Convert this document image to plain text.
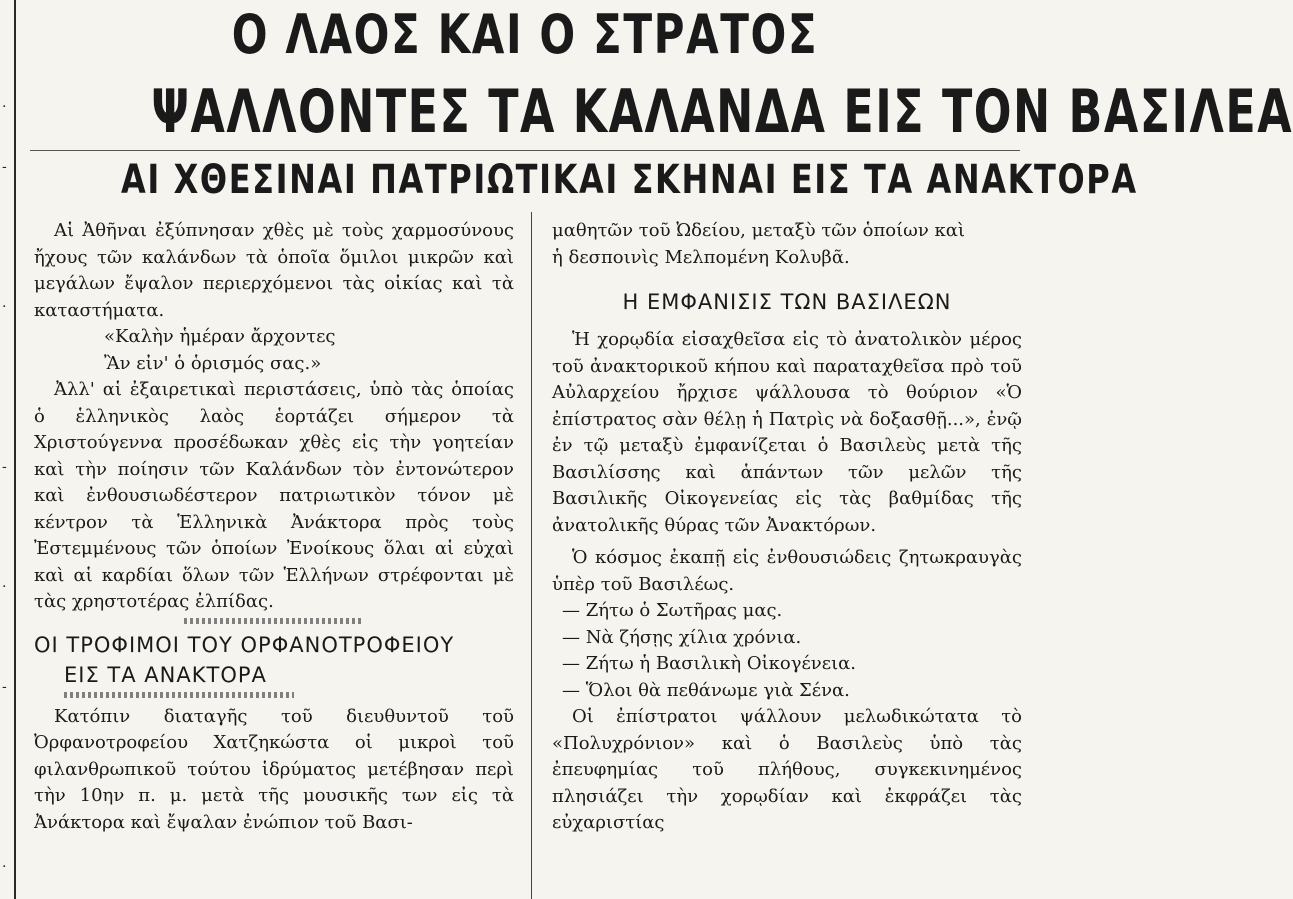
·
-
·
-
·
-
·
Ο ΛΑΟΣ ΚΑΙ Ο ΣΤΡΑΤΟΣ
ΨΑΛΛΟΝΤΕΣ ΤΑ ΚΑΛΑΝΔΑ ΕΙΣ ΤΟΝ ΒΑΣΙΛΕΑ
ΑΙ ΧΘΕΣΙΝΑΙ ΠΑΤΡΙΩΤΙΚΑΙ ΣΚΗΝΑΙ ΕΙΣ ΤΑ ΑΝΑΚΤΟΡΑ

Αἱ Ἀθῆναι ἐξύπνησαν χθὲς μὲ τοὺς χαρμοσύνους ἤχους τῶν καλάνδων τὰ ὁποῖα ὅμιλοι μικρῶν καὶ μεγάλων ἔψαλον περιερχόμενοι τὰς οἰκίας καὶ τὰ καταστήματα.

«Καλὴν ἡμέραν ἄρχοντες

Ἂν εἰν' ὁ ὁρισμός σας.»

Ἀλλ' αἱ ἐξαιρετικαὶ περιστάσεις, ὑπὸ τὰς ὁποίας ὁ ἑλληνικὸς λαὸς ἑορτάζει σήμερον τὰ Χριστούγεννα προσέδωκαν χθὲς εἰς τὴν γοητείαν καὶ τὴν ποίησιν τῶν Καλάνδων τὸν ἐντονώτερον καὶ ἐνθουσιωδέστερον πατριωτικὸν τόνον μὲ κέντρον τὰ Ἑλληνικὰ Ἀνάκτορα πρὸς τοὺς Ἐστεμμένους τῶν ὁποίων Ἐνοίκους ὅλαι αἱ εὐχαὶ καὶ αἱ καρδίαι ὅλων τῶν Ἑλλήνων στρέφονται μὲ τὰς χρηστοτέρας ἐλπίδας.

ΟΙ ΤΡΟΦΙΜΟΙ ΤΟΥ ΟΡΦΑΝΟΤΡΟΦΕΙΟΥ

ΕΙΣ ΤΑ ΑΝΑΚΤΟΡΑ

Κατόπιν διαταγῆς τοῦ διευθυντοῦ τοῦ Ὀρφανοτροφείου Χατζηκώστα οἱ μικροὶ τοῦ φιλανθρωπικοῦ τούτου ἱδρύματος μετέβησαν περὶ τὴν 10ην π. μ. μετὰ τῆς μουσικῆς των εἰς τὰ Ἀνάκτορα καὶ ἔψαλαν ἐνώπιον τοῦ Βασι-

μαθητῶν τοῦ Ὠδείου, μεταξὺ τῶν ὁποίων καὶ

ἡ δεσποινὶς Μελπομένη Κολυβᾶ.

Η ΕΜΦΑΝΙΣΙΣ ΤΩΝ ΒΑΣΙΛΕΩΝ

Ἡ χορῳδία εἰσαχθεῖσα εἰς τὸ ἀνατολικὸν μέρος τοῦ ἀνακτορικοῦ κήπου καὶ παραταχθεῖσα πρὸ τοῦ Αὐλαρχείου ἤρχισε ψάλλουσα τὸ θούριον «Ὁ ἐπίστρατος σὰν θέλῃ ἡ Πατρὶς νὰ δοξασθῇ...», ἐνῷ ἐν τῷ μεταξὺ ἐμφανίζεται ὁ Βασιλεὺς μετὰ τῆς Βασιλίσσης καὶ ἁπάντων τῶν μελῶν τῆς Βασιλικῆς Οἰκογενείας εἰς τὰς βαθμίδας τῆς ἀνατολικῆς θύρας τῶν Ἀνακτόρων.

Ὁ κόσμος ἐκαπῇ εἰς ἐνθουσιώδεις ζητωκραυγὰς ὑπὲρ τοῦ Βασιλέως.

— Ζήτω ὁ Σωτῆρας μας.

— Νὰ ζήσῃς χίλια χρόνια.

— Ζήτω ἡ Βασιλικὴ Οἰκογένεια.

— Ὅλοι θὰ πεθάνωμε γιὰ Σένα.

Οἱ ἐπίστρατοι ψάλλουν μελωδικώτατα τὸ «Πολυχρόνιον» καὶ ὁ Βασιλεὺς ὑπὸ τὰς ἐπευφημίας τοῦ πλήθους, συγκεκινημένος πλησιάζει τὴν χορῳδίαν καὶ ἐκφράζει τὰς εὐχαριστίας
